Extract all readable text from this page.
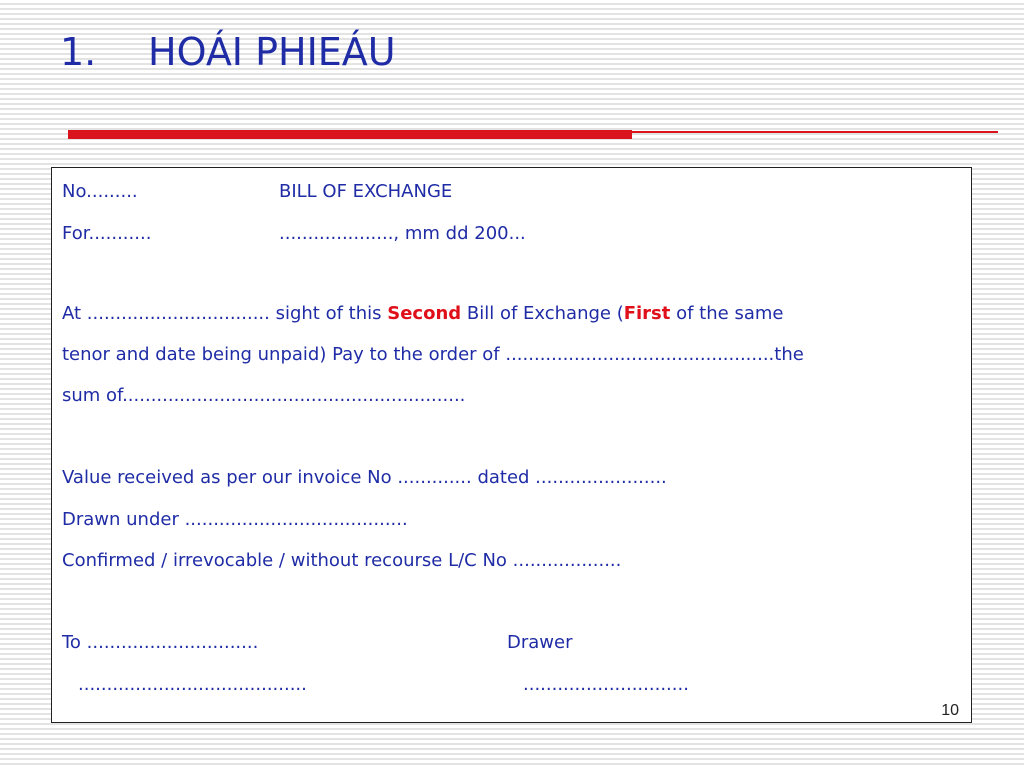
1. HOÁI PHIEÁU
No.........	BILL OF EXCHANGE
For...........	...................., mm dd 200...
At ................................ sight of this Second Bill of Exchange (First of the same
tenor and date being unpaid) Pay to the order of ...............................................the
sum of............................................................
Value received as per our invoice No ............. dated .......................
Drawn under .......................................
Confirmed / irrevocable / without recourse L/C No ...................
To ..............................	Drawer
........................................	.............................
10
